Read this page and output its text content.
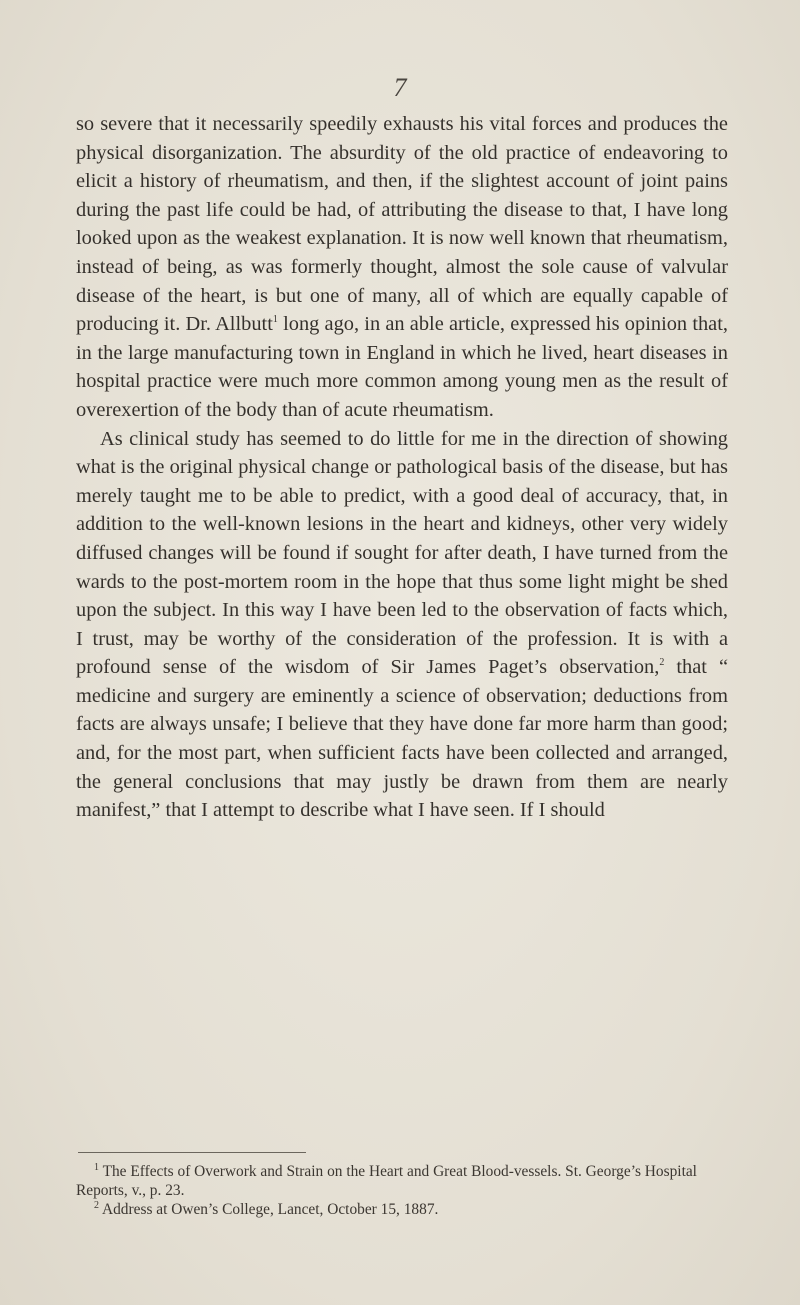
7

so severe that it necessarily speedily exhausts his vital forces and produces the physical disorganization. The absurdity of the old practice of endeavoring to elicit a history of rheumatism, and then, if the slightest account of joint pains during the past life could be had, of attributing the disease to that, I have long looked upon as the weakest explanation. It is now well known that rheumatism, instead of being, as was formerly thought, almost the sole cause of valvular disease of the heart, is but one of many, all of which are equally capable of producing it. Dr. Allbutt$^1$ long ago, in an able article, expressed his opinion that, in the large manufacturing town in England in which he lived, heart diseases in hospital practice were much more common among young men as the result of overexertion of the body than of acute rheumatism.

As clinical study has seemed to do little for me in the direction of showing what is the original physical change or pathological basis of the disease, but has merely taught me to be able to predict, with a good deal of accuracy, that, in addition to the well-known lesions in the heart and kidneys, other very widely diffused changes will be found if sought for after death, I have turned from the wards to the post-mortem room in the hope that thus some light might be shed upon the subject. In this way I have been led to the observation of facts which, I trust, may be worthy of the consideration of the profession. It is with a profound sense of the wisdom of Sir James Paget’s observation,$^2$ that “ medicine and surgery are eminently a science of observation; deductions from facts are always unsafe; I believe that they have done far more harm than good; and, for the most part, when sufficient facts have been collected and arranged, the general conclusions that may justly be drawn from them are nearly manifest,” that I attempt to describe what I have seen. If I should

$^1$ The Effects of Overwork and Strain on the Heart and Great Blood-vessels. St. George’s Hospital Reports, v., p. 23.

$^2$ Address at Owen’s College, Lancet, October 15, 1887.
